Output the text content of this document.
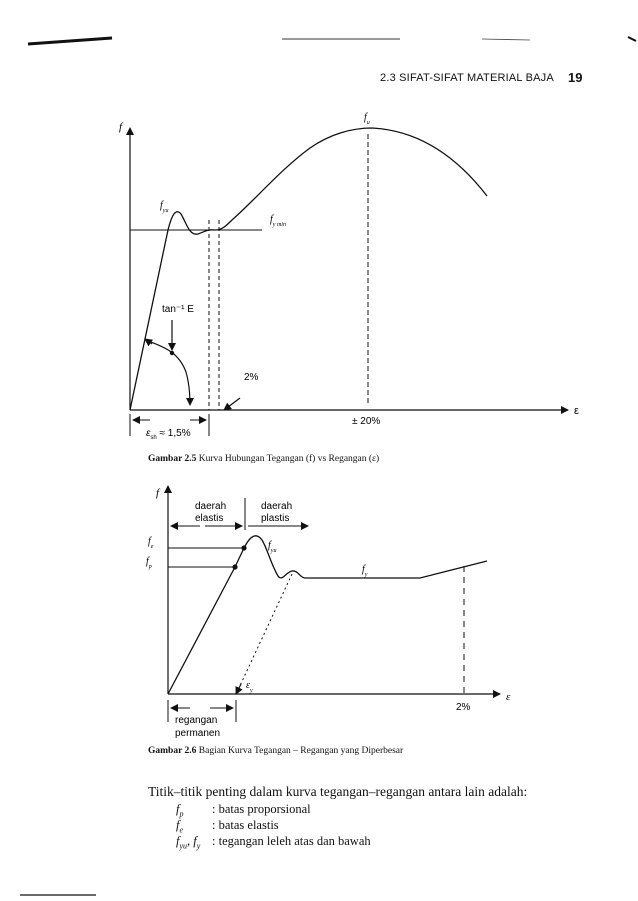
2.3 SIFAT-SIFAT MATERIAL BAJA 19
f
ε
$f_u$
$f_{yu}$
$f_{y min}$
tan⁻¹ E
2%
± 20%
$\varepsilon_{sh} \approx 1,5\%$
Gambar 2.5 Kurva Hubungan Tegangan (f) vs Regangan (ε)
f
ε
daerah
elastis
daerah
plastis
$f_e$
$f_p$
$f_{yu}$
$f_y$
$\varepsilon_y$
2%
regangan
permanen
Gambar 2.6 Bagian Kurva Tegangan – Regangan yang Diperbesar
Titik–titik penting dalam kurva tegangan–regangan antara lain adalah:
$f_p$ : batas proporsional
$f_e$ : batas elastis
$f_{yu}$, $f_y$ : tegangan leleh atas dan bawah
